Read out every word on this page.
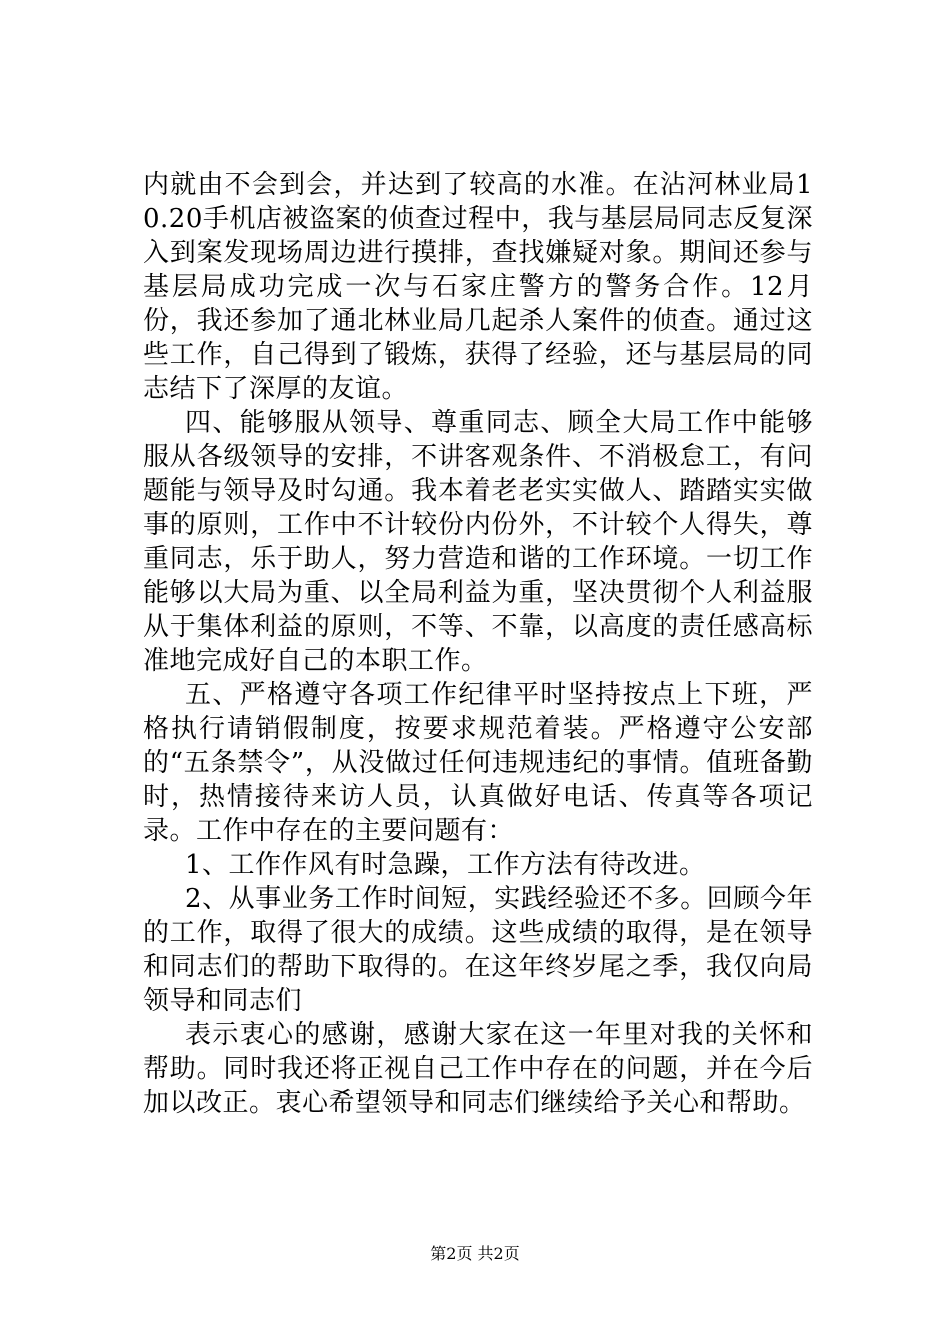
内就由不会到会，并达到了较高的水准。在沾河林业局10.20手机店被盗案的侦查过程中，我与基层局同志反复深入到案发现场周边进行摸排，查找嫌疑对象。期间还参与基层局成功完成一次与石家庄警方的警务合作。12月份，我还参加了通北林业局几起杀人案件的侦查。通过这些工作，自己得到了锻炼，获得了经验，还与基层局的同志结下了深厚的友谊。

四、能够服从领导、尊重同志、顾全大局工作中能够服从各级领导的安排，不讲客观条件、不消极怠工，有问题能与领导及时勾通。我本着老老实实做人、踏踏实实做事的原则，工作中不计较份内份外，不计较个人得失，尊重同志，乐于助人，努力营造和谐的工作环境。一切工作能够以大局为重、以全局利益为重，坚决贯彻个人利益服从于集体利益的原则，不等、不靠，以高度的责任感高标准地完成好自己的本职工作。

五、严格遵守各项工作纪律平时坚持按点上下班，严格执行请销假制度，按要求规范着装。严格遵守公安部的“五条禁令”，从没做过任何违规违纪的事情。值班备勤时，热情接待来访人员，认真做好电话、传真等各项记录。工作中存在的主要问题有：

1、工作作风有时急躁，工作方法有待改进。

2、从事业务工作时间短，实践经验还不多。回顾今年的工作，取得了很大的成绩。这些成绩的取得，是在领导和同志们的帮助下取得的。在这年终岁尾之季，我仅向局领导和同志们

表示衷心的感谢，感谢大家在这一年里对我的关怀和帮助。同时我还将正视自己工作中存在的问题，并在今后加以改正。衷心希望领导和同志们继续给予关心和帮助。

第2页 共2页
